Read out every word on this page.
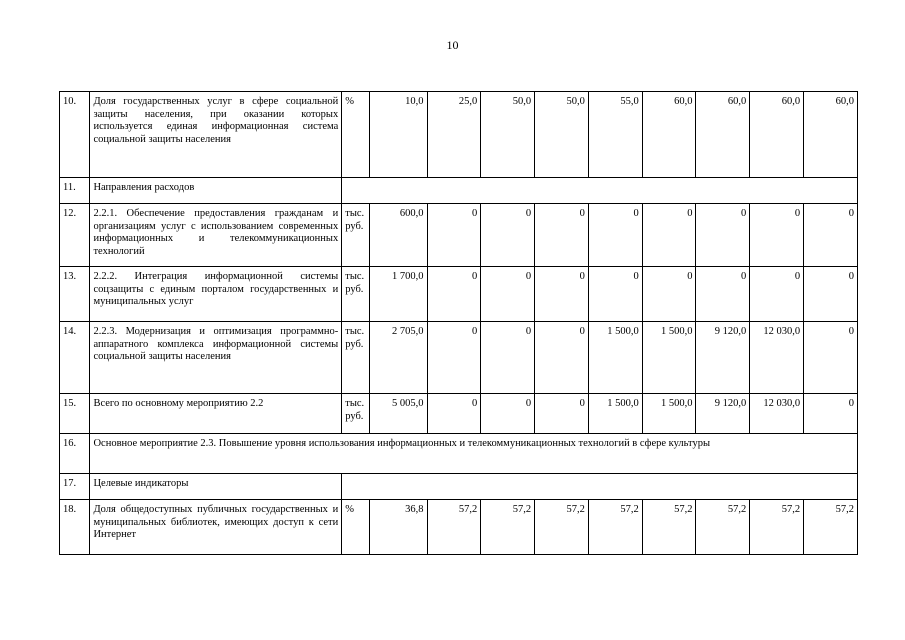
10
10.	Доля государственных услуг в сфере социальной защиты населения, при оказании которых используется единая информационная система социальной защиты населения	%	10,0	25,0	50,0	50,0	55,0	60,0	60,0	60,0	60,0
11.	Направления расходов										
12.	2.2.1. Обеспечение предоставления гражданам и организациям услуг с использованием современных информационных и телекоммуникационных технологий	тыс. руб.	600,0	0	0	0	0	0	0	0	0
13.	2.2.2. Интеграция информационной системы соцзащиты с единым порталом государственных и муниципальных услуг	тыс. руб.	1 700,0	0	0	0	0	0	0	0	0
14.	2.2.3. Модернизация и оптимизация программно-аппаратного комплекса информационной системы социальной защиты населения	тыс. руб.	2 705,0	0	0	0	1 500,0	1 500,0	9 120,0	12 030,0	0
15.	Всего по основному мероприятию 2.2	тыс. руб.	5 005,0	0	0	0	1 500,0	1 500,0	9 120,0	12 030,0	0
16.	Основное мероприятие 2.3. Повышение уровня использования информационных и телекоммуникационных технологий в сфере культуры										
17.	Целевые индикаторы										
18.	Доля общедоступных публичных государственных и муниципальных библиотек, имеющих доступ к сети Интернет	%	36,8	57,2	57,2	57,2	57,2	57,2	57,2	57,2	57,2
